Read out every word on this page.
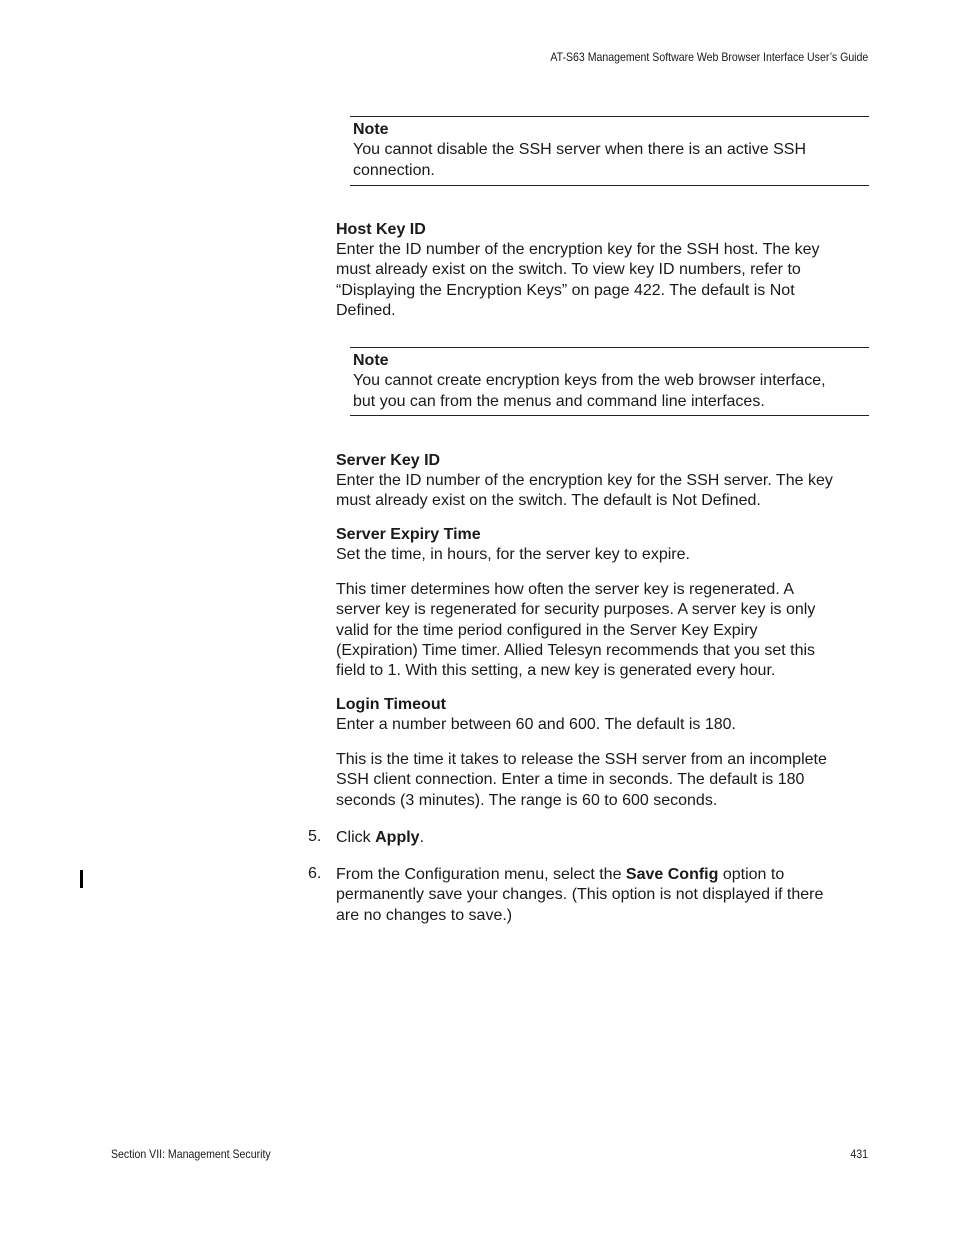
AT-S63 Management Software Web Browser Interface User’s Guide
Note
You cannot disable the SSH server when there is an active SSH
connection.
Host Key ID
Enter the ID number of the encryption key for the SSH host. The key
must already exist on the switch. To view key ID numbers, refer to
“Displaying the Encryption Keys” on page 422. The default is Not
Defined.
Note
You cannot create encryption keys from the web browser interface,
but you can from the menus and command line interfaces.
Server Key ID
Enter the ID number of the encryption key for the SSH server. The key
must already exist on the switch. The default is Not Defined.
Server Expiry Time
Set the time, in hours, for the server key to expire.
This timer determines how often the server key is regenerated. A
server key is regenerated for security purposes. A server key is only
valid for the time period configured in the Server Key Expiry
(Expiration) Time timer. Allied Telesyn recommends that you set this
field to 1. With this setting, a new key is generated every hour.
Login Timeout
Enter a number between 60 and 600. The default is 180.
This is the time it takes to release the SSH server from an incomplete
SSH client connection. Enter a time in seconds. The default is 180
seconds (3 minutes). The range is 60 to 600 seconds.
5. Click Apply.
6. From the Configuration menu, select the Save Config option to
permanently save your changes. (This option is not displayed if there
are no changes to save.)
Section VII: Management Security	431
